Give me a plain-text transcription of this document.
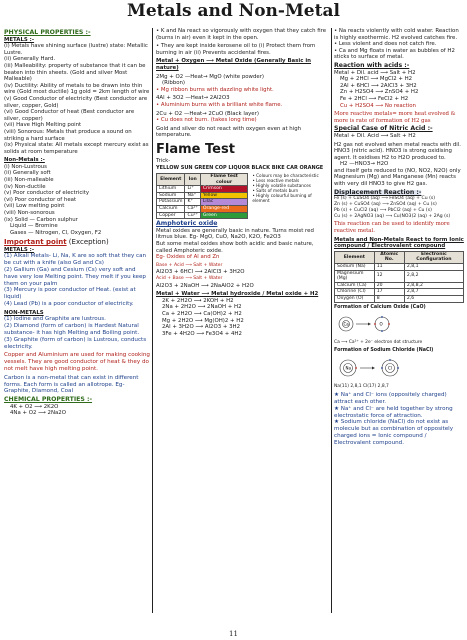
Metals and Non-Metal
PHYSICAL PROPERTIES :-
METALS :-
(i) Metals have shining surface (lustre) state: Metallic Lustre.
(ii) Generally Hard.
(iii) Malleability: property of substance that it can be beaten into thin sheets. (Gold and silver Most Malleable)
(iv) Ductility: Ability of metals to be drawn into thin wire (Gold most ductile) 1g gold = 2km length of wire
(v) Good Conductor of electricity (Best conductor are silver, copper, Gold)
(vi) Good Conductor of heat (Best conductor are silver, copper)
(vii) Have High Melting point
(viii) Sonorous: Metals that produce a sound on striking a hard surface
(ix) Physical state: All metals except mercury exist as solids at room temperature
Non-Metals :-
(i) Non-Lustrous
(ii) Generally soft
(iii) Non-malleable
(iv) Non-ductile
(v) Poor conductor of electricity
(vi) Poor conductor of heat
(vii) Low melting point
(viii) Non-sonorous
(ix) Solid — Carbon sulphur
Liquid — Bromine
Gases — Nitrogen, Cl, Oxygen, F2
Important point (Exception)
METALS :-
(1) Alkali Metals- Li, Na, K are so soft that they can be cut with a knife (also Gd and Cs)
(2) Gallium (Ga) and Cesium (Cs) very soft and have very low Melting point. They melt if you keep them on your palm
(3) Mercury is poor conductor of Heat. (exist at liquid)
(4) Lead (Pb) is a poor conductor of electricity.
NON-METALS
(1) Iodine and Graphite are lustrous.
(2) Diamond (form of carbon) is Hardest Natural substance- it has high Melting and Boiling point.
(3) Graphite (form of carbon) is Lustrous, conducts electricity.
Copper and Aluminium are used for making cooking vessels. They are good conductor of heat & they do not melt have high melting point.
Carbon is a non-metal that can exist in different forms. Each form is called an allotrope. Eg- Graphite, Diamond, Coal
CHEMICAL PROPERTIES :-
4K + O2 ⟶ 2K2O
4Na + O2 ⟶ 2Na2O
• K and Na react so vigorously with oxygen that they catch fire (burns in air) even it kept in the open.
• They are kept inside kerosene oil to (i) Protect them from burning in air (ii) Prevents accidental fires.
Metal + Oxygen ⟶ Metal Oxide (Generally Basic in nature)
2Mg + O2 —Heat→ MgO (white powder)
(Ribbon)
• Mg ribbon burns with dazzling white light.
4Al + 3O2 —Heat→ 2Al2O3
• Aluminium burns with a brilliant white flame.
2Cu + O2 —Heat→ 2CuO (Black layer)
• Cu does not burn. (takes long time)
Gold and silver do not react with oxygen even at high temperature.
Flame Test
Trick-
YELLOW SUN GREEN COP LIQUOR BLACK BIKE CAR ORANGE
Element	Ion	Flame test colour
Lithium	Li⁺	Crimson
Sodium	Na⁺	Yellow
Potassium	K⁺	Lilac
Calcium	Ca²⁺	Orange-red
Copper	Cu²⁺	Green
• Colours may be characteristic
• Less reactive metals
• Highly volatile substances
• Salts of metals burn
• Highly colourful burning of element
Amphoteric oxide
Metal oxides are generally basic in nature. Turns moist red litmus blue. Eg- MgO, CuO, Na2O, K2O, Fe2O3
But some metal oxides show both acidic and basic nature, called Amphoteric oxide.
Eg- Oxides of Al and Zn
Base + Acid ⟶ Salt + Water
Al2O3 + 6HCl ⟶ 2AlCl3 + 3H2O
Acid + Base ⟶ Salt + Water
Al2O3 + 2NaOH ⟶ 2NaAlO2 + H2O
Metal + Water ⟶ Metal hydroxide / Metal oxide + H2
2K + 2H2O ⟶ 2KOH + H2
2Na + 2H2O ⟶ 2NaOH + H2
Ca + 2H2O ⟶ Ca(OH)2 + H2
Mg + 2H2O ⟶ Mg(OH)2 + H2
2Al + 3H2O ⟶ Al2O3 + 3H2
3Fe + 4H2O ⟶ Fe3O4 + 4H2
• Na reacts violently with cold water. Reaction is highly exothermic. H2 evolved catches fire.
• Less violent and does not catch fire.
• Ca and Mg floats in water as bubbles of H2 sticks to surface of metal.
Reaction with acids :-
Metal + Dil. acid ⟶ Salt + H2
Mg + 2HCl ⟶ MgCl2 + H2
2Al + 6HCl ⟶ 2AlCl3 + 3H2
Zn + H2SO4 ⟶ ZnSO4 + H2
Fe + 2HCl ⟶ FeCl2 + H2
Cu + H2SO4 ⟶ No reaction
More reactive metals= more heat evolved & more is rate of formation of H2 gas
Special Case of Nitric Acid :-
Metal + Dil. Acid ⟶ Salt + H2
H2 gas not evolved when metal reacts with dil. HNO3 (nitric acid). HNO3 is strong oxidising agent. It oxidises H2 to H2O produced to.
H2 —HNO3→ H2O
and itself gets reduced to (NO, NO2, N2O) only Magnesium (Mg) and Manganese (Mn) reacts with very dil HNO3 to give H2 gas.
Displacement Reaction :-
Fe (s) + CuSO4 (aq) ⟶ FeSO4 (aq) + Cu (s)
Zn (s) + CuSO4 (aq) ⟶ ZnSO4 (aq) + Cu (s)
Pb (s) + CuCl2 (aq) ⟶ PbCl2 (aq) + Cu (s)
Cu (s) + 2AgNO3 (aq) ⟶ Cu(NO3)2 (aq) + 2Ag (s)
This reaction can be used to identify more reactive metal.
Metals and Non-Metals React to form Ionic compound / Electrovalent compound
Element	Atomic No.	Electronic Configuration
Sodium (Na)	11	2,8,1
Magnesium (Mg)	12	2,8,2
Calcium (Ca)	20	2,8,8,2
Chlorine (Cl)	17	2,8,7
Oxygen (O)	8	2,6
Formation of Calcium Oxide (CaO)
Ca	O
Ca ⟶ Ca²⁺ + 2e⁻ electron dot structure
Formation of Sodium Chloride (NaCl)
Na	Cl
Na(11) 2,8,1 Cl(17) 2,8,7
★ Na⁺ and Cl⁻ ions (oppositely charged) attract each other.
★ Na⁺ and Cl⁻ are held together by strong electrostatic force of attraction.
★ Sodium chloride (NaCl) do not exist as molecule but as combination of oppositely charged ions = Ionic compound / Electrovalent compound.
11
